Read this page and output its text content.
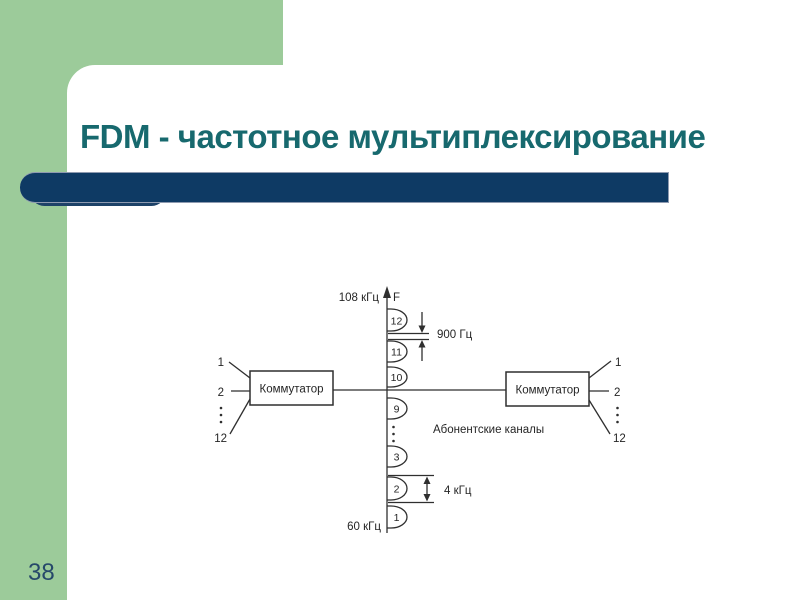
FDM - частотное мультиплексирование
108 кГц F
60 кГц
12
11
10
9
3
2
1
900 Гц
4 кГц
Абонентские каналы
Коммутатор
1
2
12
Коммутатор
1
2
12
38
